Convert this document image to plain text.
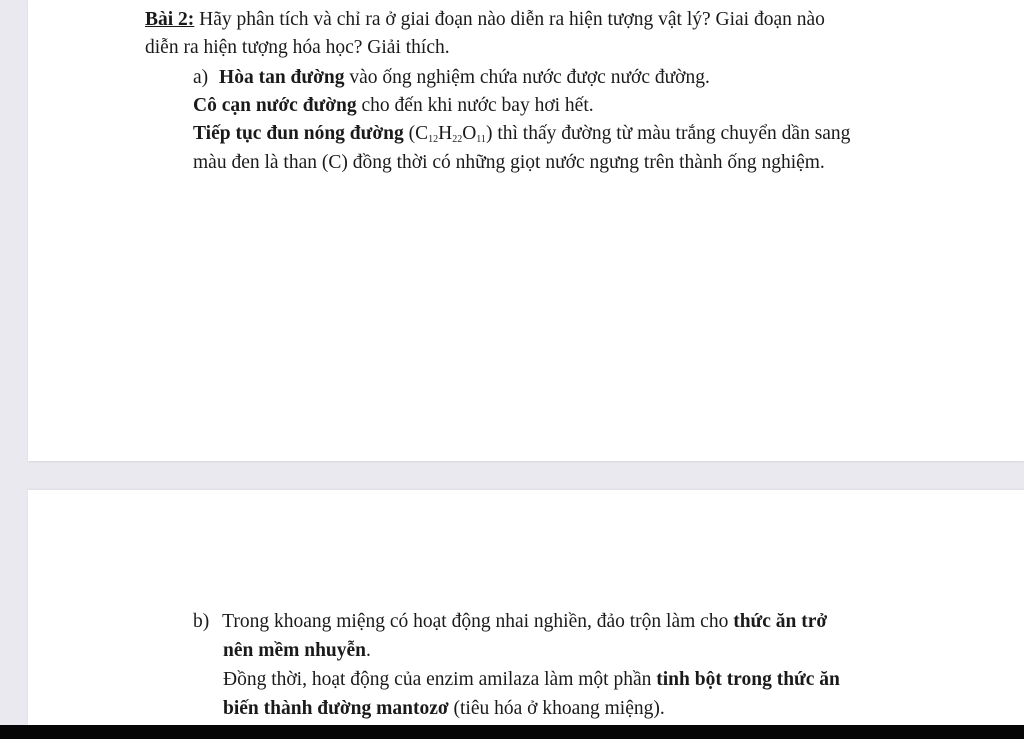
Bài 2: Hãy phân tích và chỉ ra ở giai đoạn nào diễn ra hiện tượng vật lý? Giai đoạn nào
diễn ra hiện tượng hóa học? Giải thích.
a) Hòa tan đường vào ống nghiệm chứa nước được nước đường.
Cô cạn nước đường cho đến khi nước bay hơi hết.
Tiếp tục đun nóng đường $(C_{12}H_{22}O_{11})$ thì thấy đường từ màu trắng chuyển dần sang
màu đen là than (C) đồng thời có những giọt nước ngưng trên thành ống nghiệm.
b) Trong khoang miệng có hoạt động nhai nghiền, đảo trộn làm cho thức ăn trở
nên mềm nhuyễn.
Đồng thời, hoạt động của enzim amilaza làm một phần tinh bột trong thức ăn
biến thành đường mantozơ (tiêu hóa ở khoang miệng).
